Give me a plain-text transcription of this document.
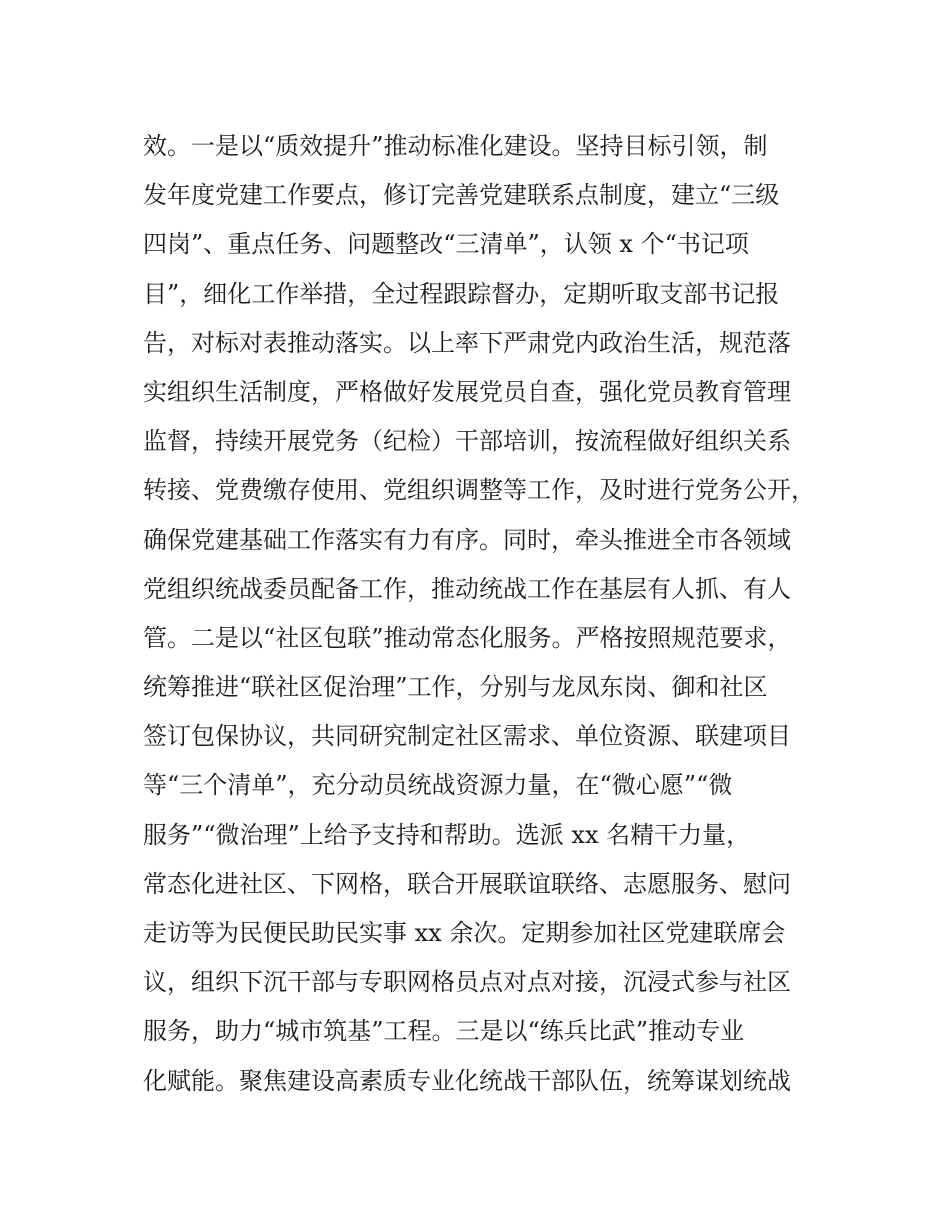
效。一是以“质效提升”推动标准化建设。坚持目标引领，制
发年度党建工作要点，修订完善党建联系点制度，建立“三级
四岗”、重点任务、问题整改“三清单”，认领 x 个“书记项
目”，细化工作举措，全过程跟踪督办，定期听取支部书记报
告，对标对表推动落实。以上率下严肃党内政治生活，规范落
实组织生活制度，严格做好发展党员自查，强化党员教育管理
监督，持续开展党务（纪检）干部培训，按流程做好组织关系
转接、党费缴存使用、党组织调整等工作，及时进行党务公开，
确保党建基础工作落实有力有序。同时，牵头推进全市各领域
党组织统战委员配备工作，推动统战工作在基层有人抓、有人
管。二是以“社区包联”推动常态化服务。严格按照规范要求，
统筹推进“联社区促治理”工作，分别与龙凤东岗、御和社区
签订包保协议，共同研究制定社区需求、单位资源、联建项目
等“三个清单”，充分动员统战资源力量，在“微心愿”“微
服务”“微治理”上给予支持和帮助。选派 xx 名精干力量，
常态化进社区、下网格，联合开展联谊联络、志愿服务、慰问
走访等为民便民助民实事 xx 余次。定期参加社区党建联席会
议，组织下沉干部与专职网格员点对点对接，沉浸式参与社区
服务，助力“城市筑基”工程。三是以“练兵比武”推动专业
化赋能。聚焦建设高素质专业化统战干部队伍，统筹谋划统战
